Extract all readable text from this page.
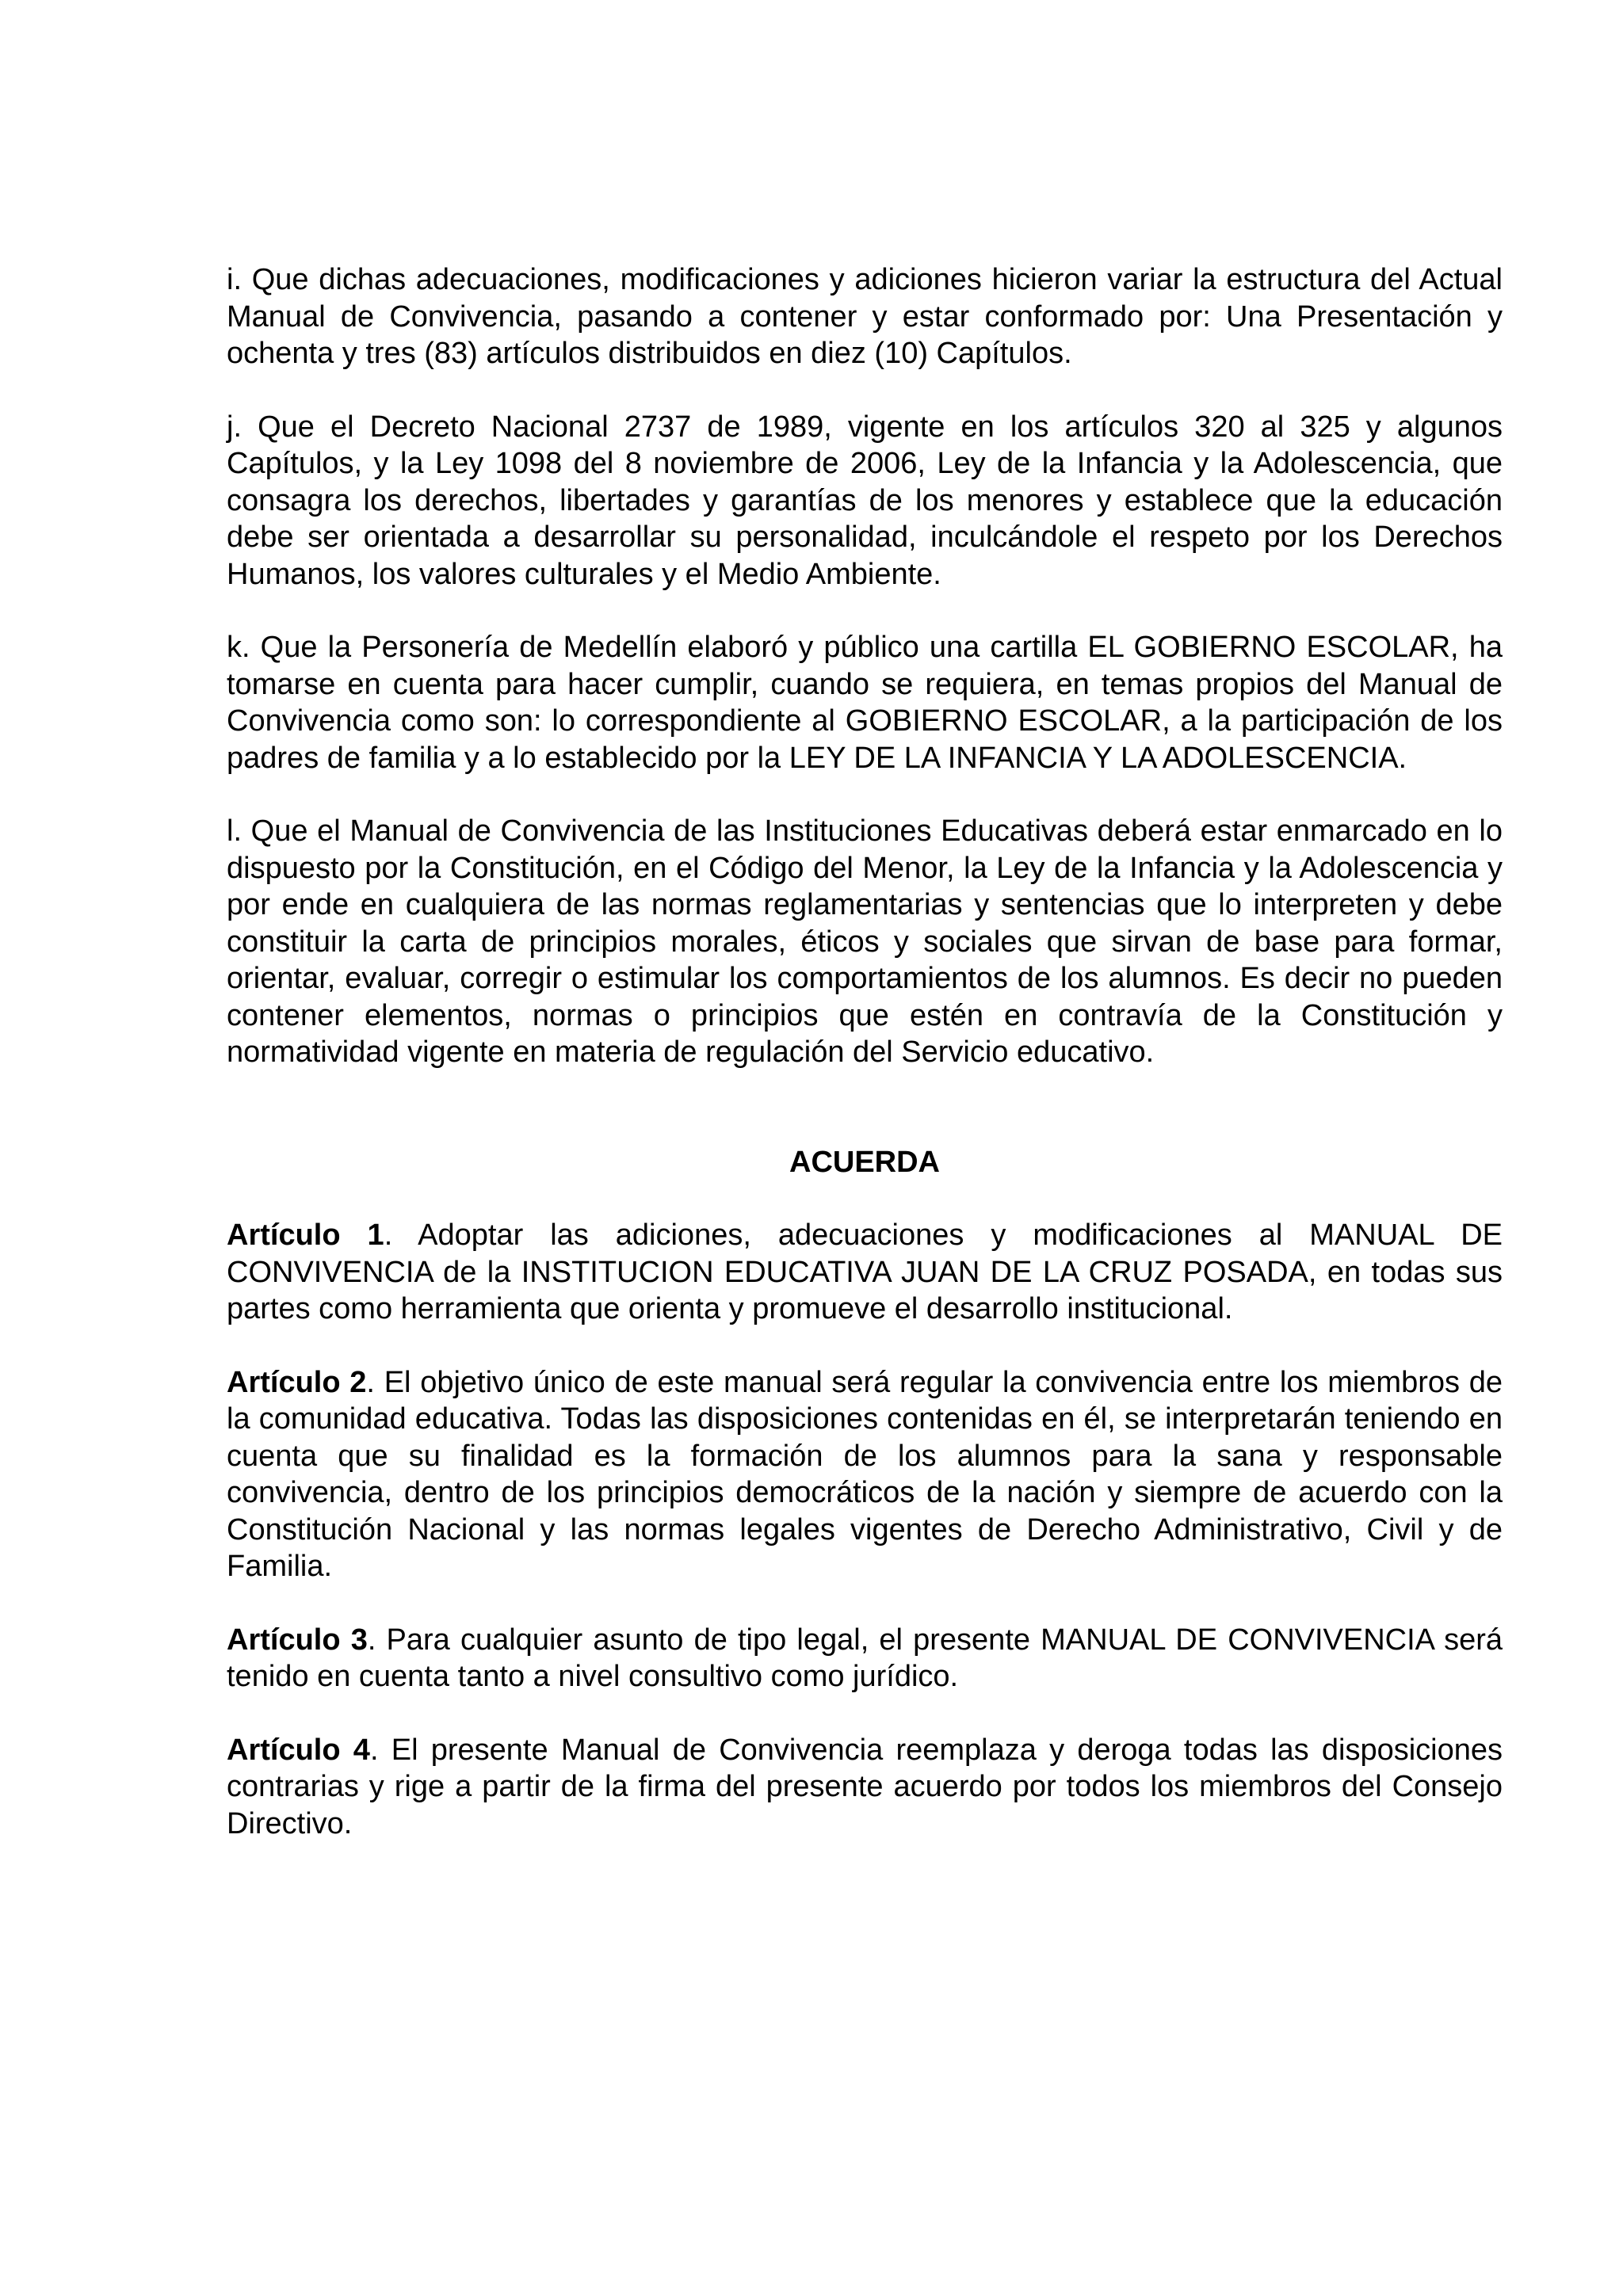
i. Que dichas adecuaciones, modificaciones y adiciones hicieron variar la estructura del Actual Manual de Convivencia, pasando a contener y estar conformado por: Una Presentación y ochenta y tres (83) artículos distribuidos en diez (10) Capítulos.

j. Que el Decreto Nacional 2737 de 1989, vigente en los artículos 320 al 325 y algunos Capítulos, y la Ley 1098 del 8 noviembre de 2006, Ley de la Infancia y la Adolescencia, que consagra los derechos, libertades y garantías de los menores y establece que la educación debe ser orientada a desarrollar su personalidad, inculcándole el respeto por los Derechos Humanos, los valores culturales y el Medio Ambiente.

k. Que la Personería de Medellín elaboró y público una cartilla EL GOBIERNO ESCOLAR, ha tomarse en cuenta para hacer cumplir, cuando se requiera, en temas propios del Manual de Convivencia como son: lo correspondiente al GOBIERNO ESCOLAR, a la participación de los padres de familia y a lo establecido por la LEY DE LA INFANCIA Y LA ADOLESCENCIA.

l. Que el Manual de Convivencia de las Instituciones Educativas deberá estar enmarcado en lo dispuesto por la Constitución, en el Código del Menor, la Ley de la Infancia y la Adolescencia y por ende en cualquiera de las normas reglamentarias y sentencias que lo interpreten y debe constituir la carta de principios morales, éticos y sociales que sirvan de base para formar, orientar, evaluar, corregir o estimular los comportamientos de los alumnos. Es decir no pueden contener elementos, normas o principios que estén en contravía de la Constitución y normatividad vigente en materia de regulación del Servicio educativo.

ACUERDA

Artículo 1. Adoptar las adiciones, adecuaciones y modificaciones al MANUAL DE CONVIVENCIA de la INSTITUCION EDUCATIVA JUAN DE LA CRUZ POSADA, en todas sus partes como herramienta que orienta y promueve el desarrollo institucional.

Artículo 2. El objetivo único de este manual será regular la convivencia entre los miembros de la comunidad educativa. Todas las disposiciones contenidas en él, se interpretarán teniendo en cuenta que su finalidad es la formación de los alumnos para la sana y responsable convivencia, dentro de los principios democráticos de la nación y siempre de acuerdo con la Constitución Nacional y las normas legales vigentes de Derecho Administrativo, Civil y de Familia.

Artículo 3. Para cualquier asunto de tipo legal, el presente MANUAL DE CONVIVENCIA será tenido en cuenta tanto a nivel consultivo como jurídico.

Artículo 4. El presente Manual de Convivencia reemplaza y deroga todas las disposiciones contrarias y rige a partir de la firma del presente acuerdo por todos los miembros del Consejo Directivo.
